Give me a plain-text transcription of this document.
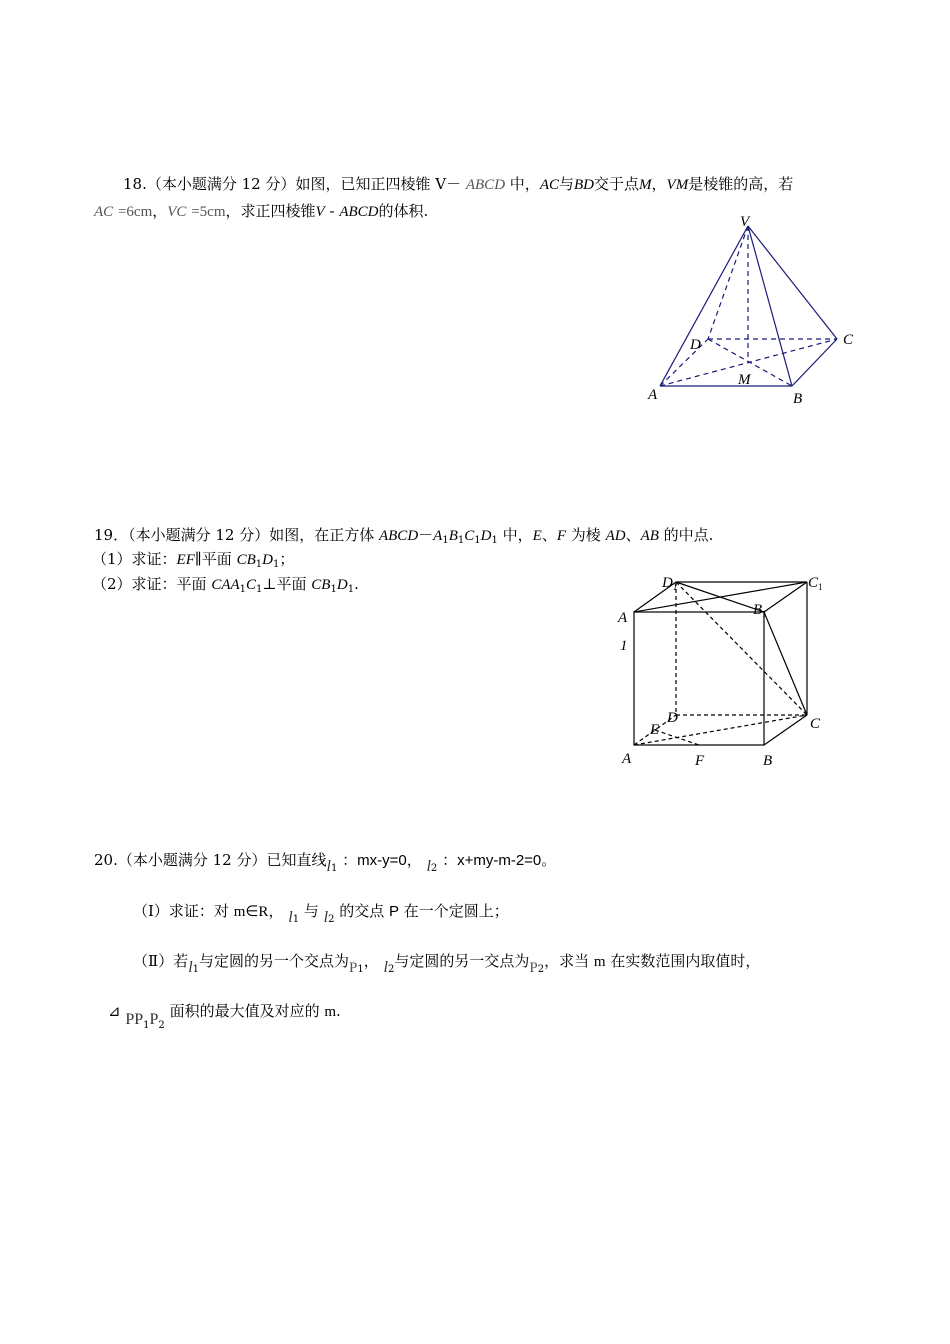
18.（本小题满分 12 分）如图，已知正四棱锥 V－ ABCD 中，AC与BD交于点M，VM是棱锥的高，若
AC =6cm，VC =5cm，求正四棱锥V - ABCD的体积.
V
D	C
M
A	B
19．（本小题满分 12 分）如图，在正方体 $ABCD-A_1B_1C_1D_1$ 中，E、F 为棱 AD、AB 的中点.
（1）求证：EF∥平面 $CB_1D_1$；
（2）求证：平面 $CAA_1C_1\perp$平面 $CB_1D_1$.	$D_1$	$C_1$
$B_1$
A
1
D	C
E
A	F	B
20.（本小题满分 12 分）已知直线$l_1$ ：mx-y=0， $l_2$ ：x+my-m-2=0。
（Ⅰ）求证：对 m∈R， $l_1$ 与 $l_2$ 的交点 P 在一个定圆上；
（Ⅱ）若$l_1$与定圆的另一个交点为$P_1$， $l_2$与定圆的另一交点为$P_2$，求当 m 在实数范围内取值时，
⊿ $PP_1P_2$ 面积的最大值及对应的 m.
